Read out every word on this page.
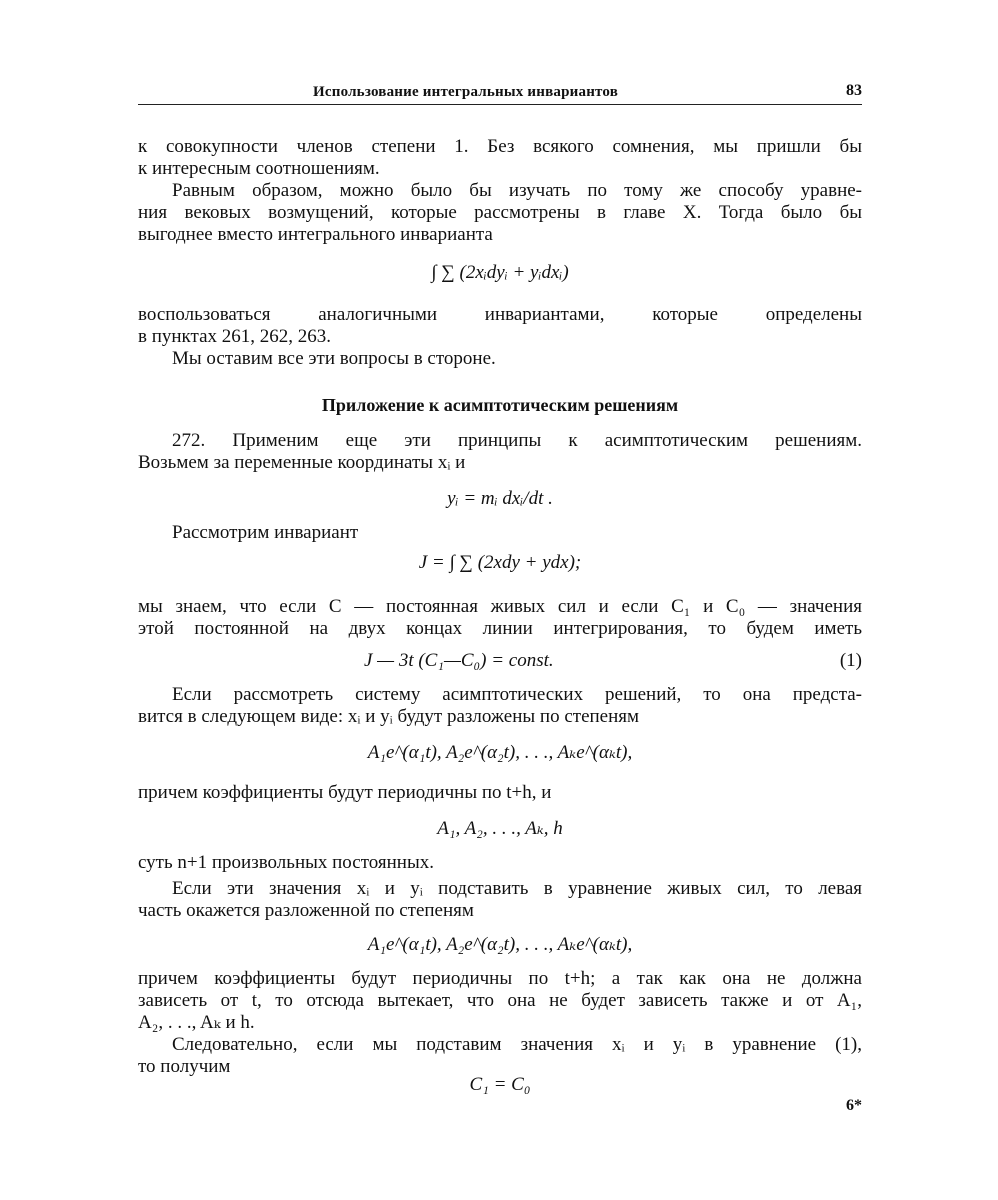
Использование интегральных инвариантов	83
к совокупности членов степени 1. Без всякого сомнения, мы пришли бы
к интересным соотношениям.
Равным образом, можно было бы изучать по тому же способу уравне-
ния вековых возмущений, которые рассмотрены в главе X. Тогда было бы
выгоднее вместо интегрального инварианта
∫ ∑ (2xᵢdyᵢ + yᵢdxᵢ)
воспользоваться аналогичными инвариантами, которые определены
в пунктах 261, 262, 263.
Мы оставим все эти вопросы в стороне.
Приложение к асимптотическим решениям
272. Применим еще эти принципы к асимптотическим решениям.
Возьмем за переменные координаты xᵢ и
yᵢ = mᵢ dxᵢ/dt .
Рассмотрим инвариант
J = ∫ ∑ (2xdy + ydx);
мы знаем, что если C — постоянная живых сил и если C₁ и C₀ — значения
этой постоянной на двух концах линии интегрирования, то будем иметь
J — 3t (C₁—C₀) = const.	(1)
Если рассмотреть систему асимптотических решений, то она предста-
вится в следующем виде: xᵢ и yᵢ будут разложены по степеням
A₁e^(α₁t), A₂e^(α₂t), . . ., Aₖe^(αₖt),
причем коэффициенты будут периодичны по t+h, и
A₁, A₂, . . ., Aₖ, h
суть n+1 произвольных постоянных.
Если эти значения xᵢ и yᵢ подставить в уравнение живых сил, то левая
часть окажется разложенной по степеням
A₁e^(α₁t), A₂e^(α₂t), . . ., Aₖe^(αₖt),
причем коэффициенты будут периодичны по t+h; а так как она не должна
зависеть от t, то отсюда вытекает, что она не будет зависеть также и от A₁,
A₂, . . ., Aₖ и h.
Следовательно, если мы подставим значения xᵢ и yᵢ в уравнение (1),
то получим
C₁ = C₀
6*
